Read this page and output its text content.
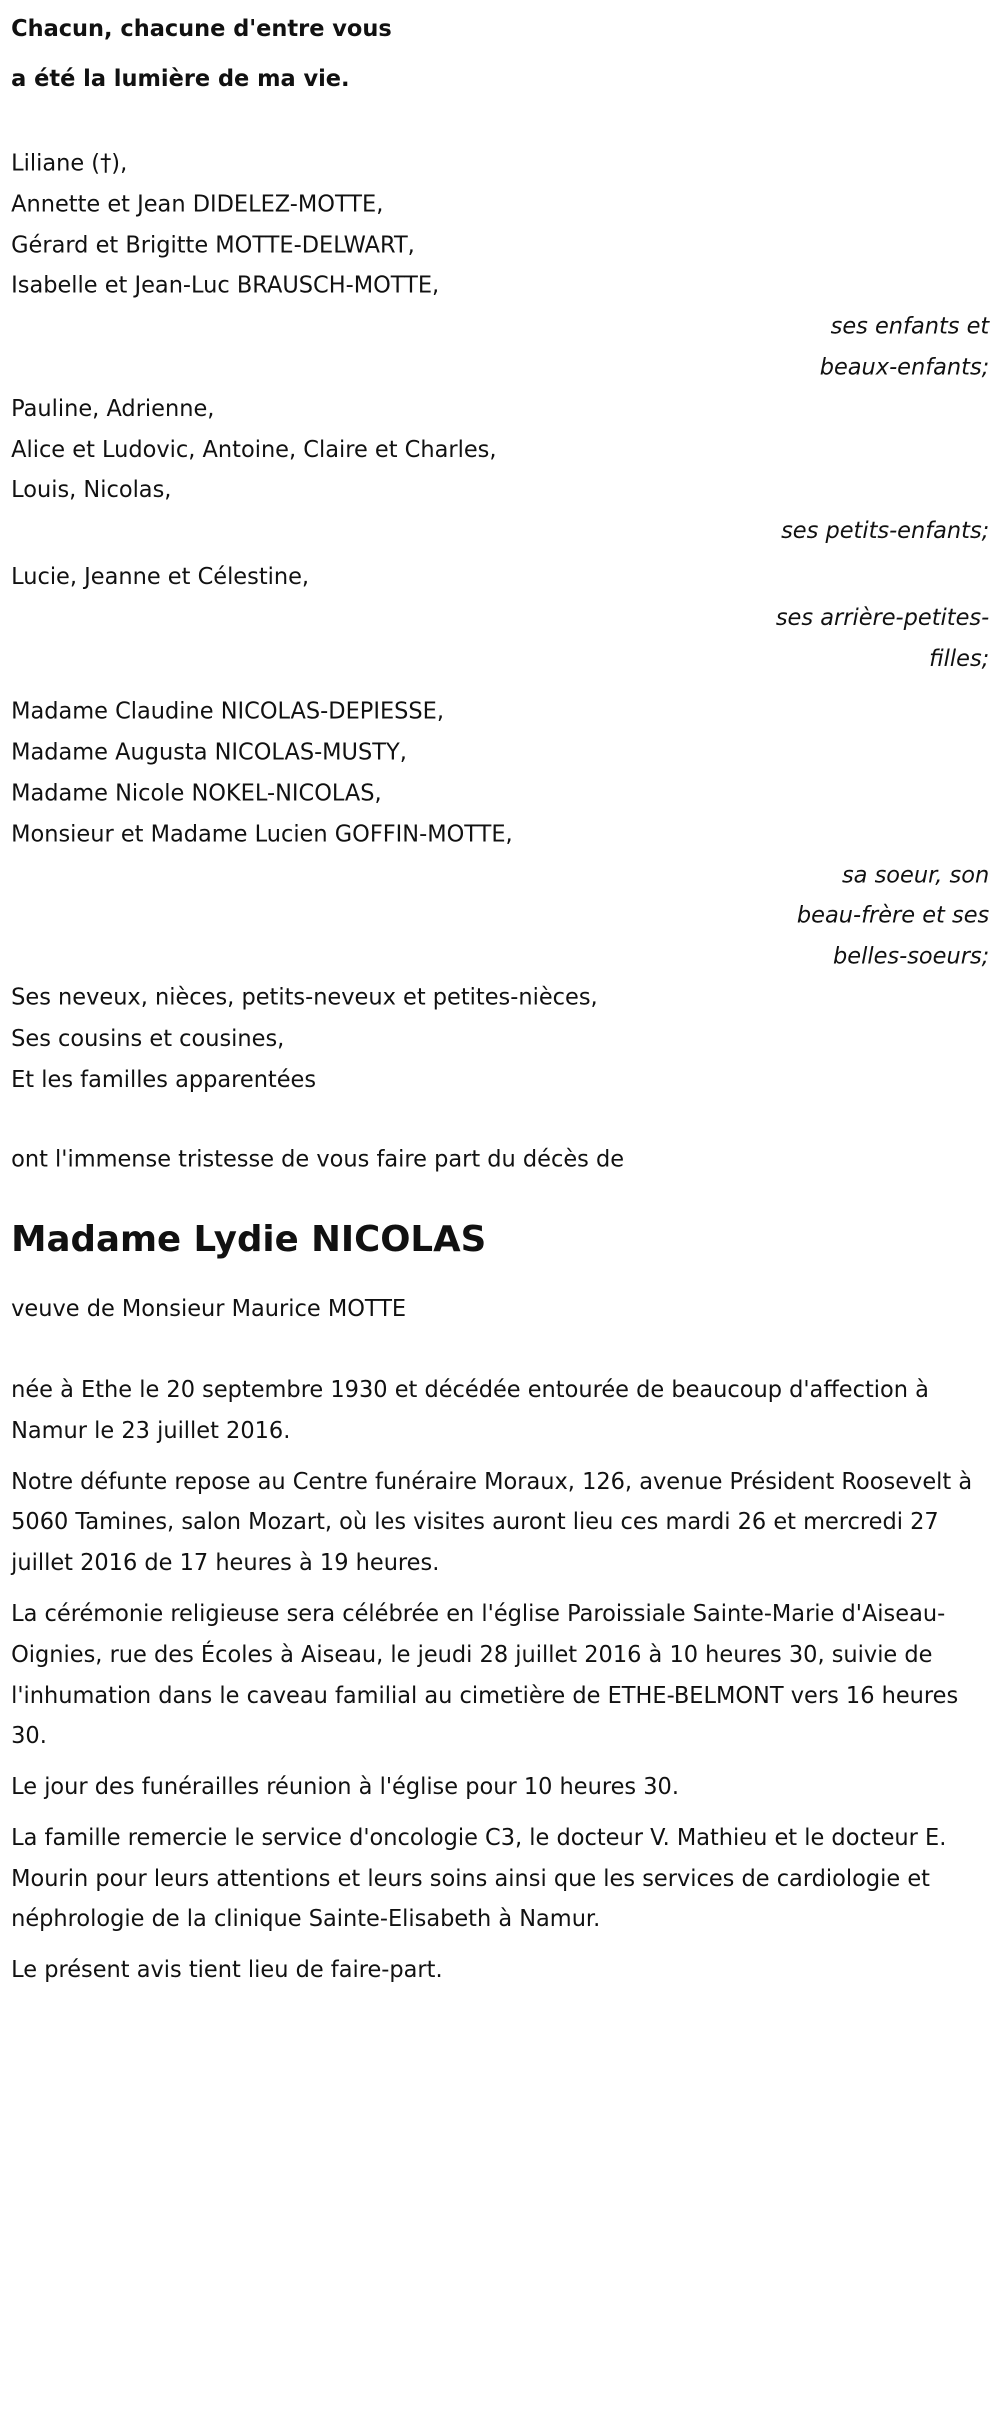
Chacun, chacune d'entre vous
a été la lumière de ma vie.
Liliane (†),
Annette et Jean DIDELEZ-MOTTE,
Gérard et Brigitte MOTTE-DELWART,
Isabelle et Jean-Luc BRAUSCH-MOTTE,
ses enfants et
beaux-enfants;
Pauline, Adrienne,
Alice et Ludovic, Antoine, Claire et Charles,
Louis, Nicolas,
ses petits-enfants;
Lucie, Jeanne et Célestine,
ses arrière-petites-
filles;
Madame Claudine NICOLAS-DEPIESSE,
Madame Augusta NICOLAS-MUSTY,
Madame Nicole NOKEL-NICOLAS,
Monsieur et Madame Lucien GOFFIN-MOTTE,
sa soeur, son
beau-frère et ses
belles-soeurs;
Ses neveux, nièces, petits-neveux et petites-nièces,
Ses cousins et cousines,
Et les familles apparentées

ont l'immense tristesse de vous faire part du décès de

Madame Lydie NICOLAS

veuve de Monsieur Maurice MOTTE

née à Ethe le 20 septembre 1930 et décédée entourée de beaucoup d'affection à Namur le 23 juillet 2016.

Notre défunte repose au Centre funéraire Moraux, 126, avenue Président Roosevelt à 5060 Tamines, salon Mozart, où les visites auront lieu ces mardi 26 et mercredi 27 juillet 2016 de 17 heures à 19 heures.

La cérémonie religieuse sera célébrée en l'église Paroissiale Sainte-Marie d'Aiseau-Oignies, rue des Écoles à Aiseau, le jeudi 28 juillet 2016 à 10 heures 30, suivie de l'inhumation dans le caveau familial au cimetière de ETHE-BELMONT vers 16 heures 30.

Le jour des funérailles réunion à l'église pour 10 heures 30.

La famille remercie le service d'oncologie C3, le docteur V. Mathieu et le docteur E. Mourin pour leurs attentions et leurs soins ainsi que les services de cardiologie et néphrologie de la clinique Sainte-Elisabeth à Namur.

Le présent avis tient lieu de faire-part.
